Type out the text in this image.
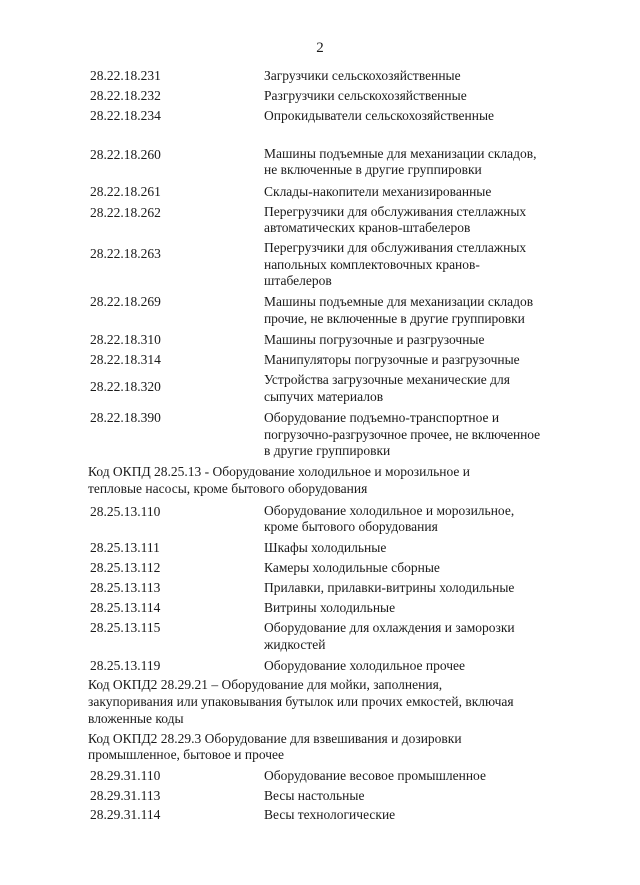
2
28.22.18.231	Загрузчики сельскохозяйственные
28.22.18.232	Разгрузчики сельскохозяйственные
28.22.18.234	Опрокидыватели сельскохозяйственные
28.22.18.260	Машины подъемные для механизации складов,
не включенные в другие группировки
28.22.18.261	Склады-накопители механизированные
28.22.18.262	Перегрузчики для обслуживания стеллажных
автоматических кранов-штабелеров
28.22.18.263	Перегрузчики для обслуживания стеллажных
напольных комплектовочных кранов-
штабелеров
28.22.18.269	Машины подъемные для механизации складов
прочие, не включенные в другие группировки
28.22.18.310	Машины погрузочные и разгрузочные
28.22.18.314	Манипуляторы погрузочные и разгрузочные
28.22.18.320	Устройства загрузочные механические для
сыпучих материалов
28.22.18.390	Оборудование подъемно-транспортное и
погрузочно-разгрузочное прочее, не включенное
в другие группировки
Код ОКПД 28.25.13 - Оборудование холодильное и морозильное и
тепловые насосы, кроме бытового оборудования
28.25.13.110	Оборудование холодильное и морозильное,
кроме бытового оборудования
28.25.13.111	Шкафы холодильные
28.25.13.112	Камеры холодильные сборные
28.25.13.113	Прилавки, прилавки-витрины холодильные
28.25.13.114	Витрины холодильные
28.25.13.115	Оборудование для охлаждения и заморозки
жидкостей
28.25.13.119	Оборудование холодильное прочее
Код ОКПД2 28.29.21 – Оборудование для мойки, заполнения,
закупоривания или упаковывания бутылок или прочих емкостей, включая
вложенные коды
Код ОКПД2 28.29.3 Оборудование для взвешивания и дозировки
промышленное, бытовое и прочее
28.29.31.110	Оборудование весовое промышленное
28.29.31.113	Весы настольные
28.29.31.114	Весы технологические
